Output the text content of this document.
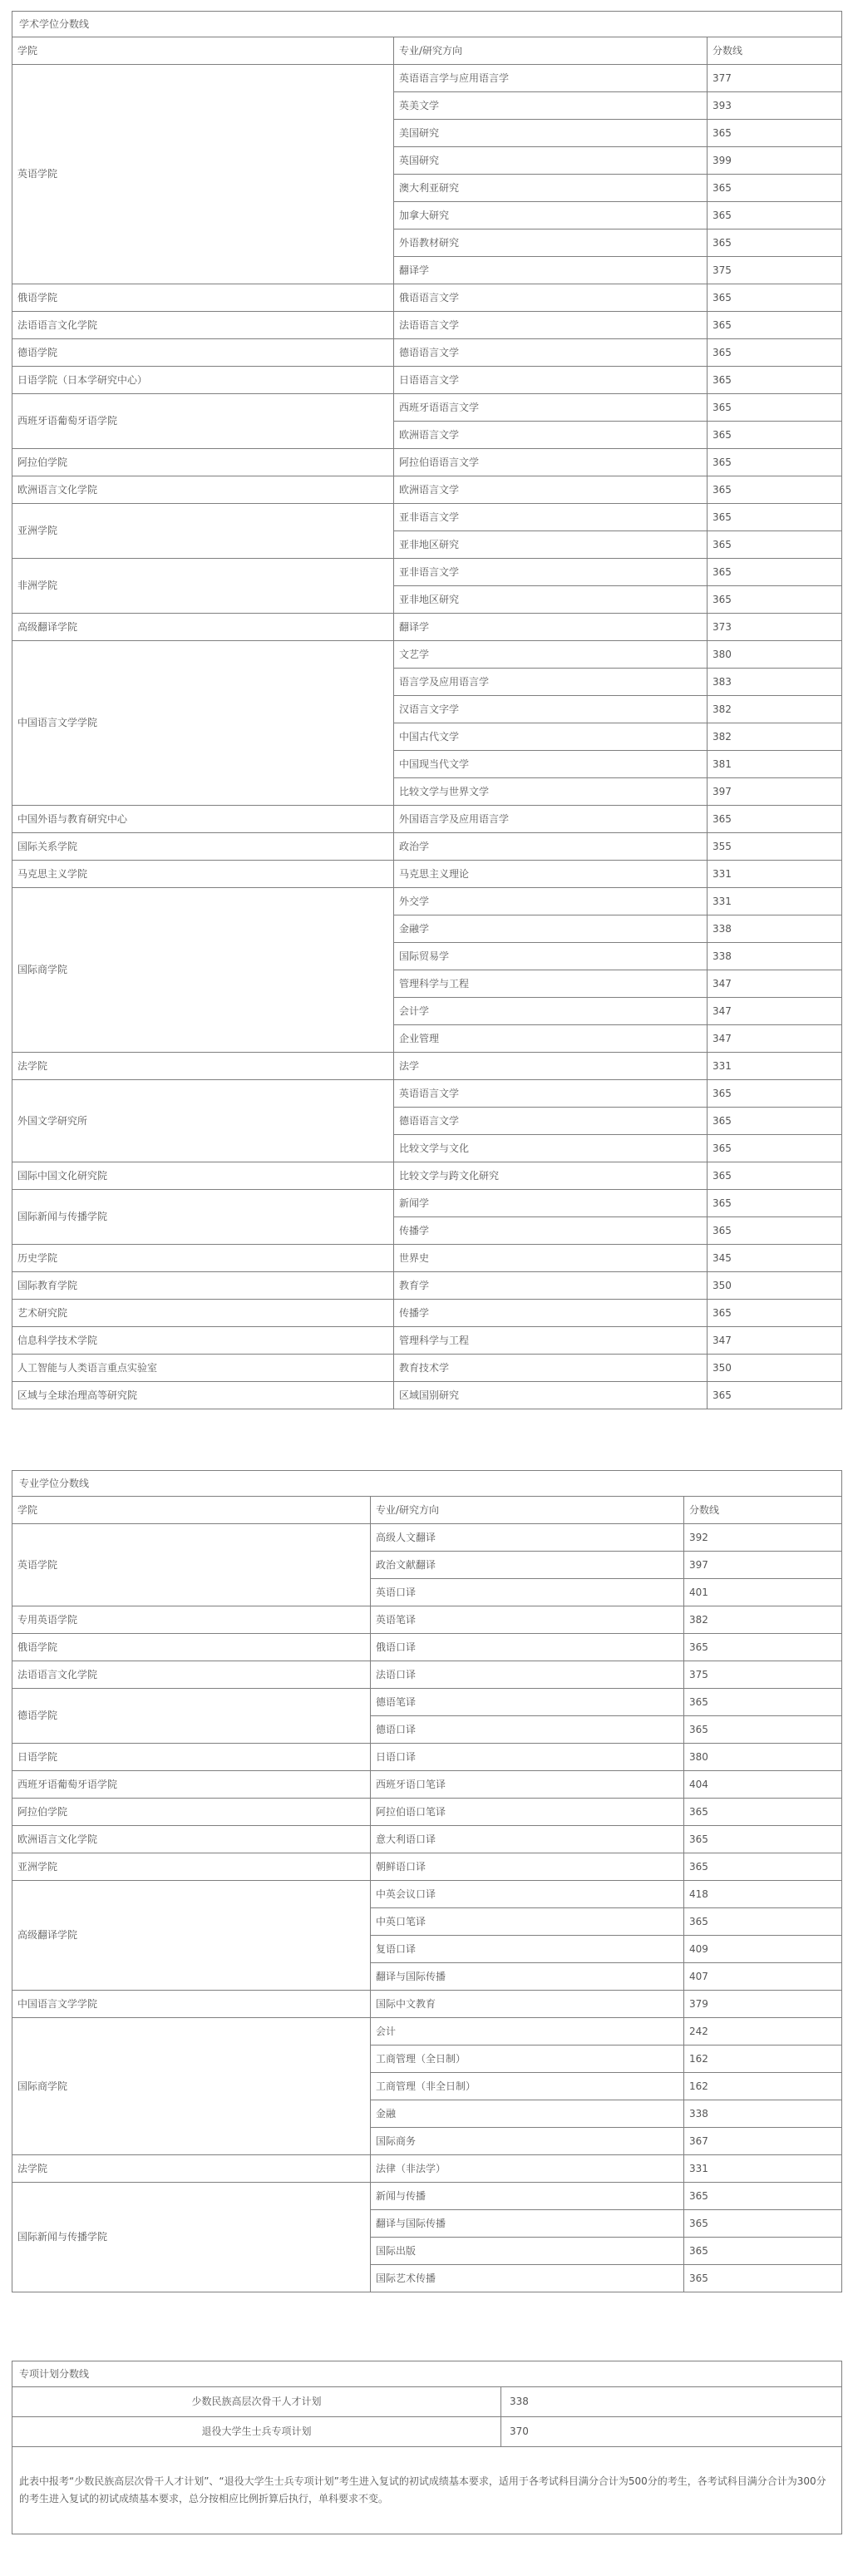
学术学位分数线		
学院	专业/研究方向	分数线
英语学院	英语语言学与应用语言学	377
	英美文学	393
	美国研究	365
	英国研究	399
	澳大利亚研究	365
	加拿大研究	365
	外语教材研究	365
	翻译学	375
俄语学院	俄语语言文学	365
法语语言文化学院	法语语言文学	365
德语学院	德语语言文学	365
日语学院（日本学研究中心）	日语语言文学	365
西班牙语葡萄牙语学院	西班牙语语言文学	365
	欧洲语言文学	365
阿拉伯学院	阿拉伯语语言文学	365
欧洲语言文化学院	欧洲语言文学	365
亚洲学院	亚非语言文学	365
	亚非地区研究	365
非洲学院	亚非语言文学	365
	亚非地区研究	365
高级翻译学院	翻译学	373
中国语言文学学院	文艺学	380
	语言学及应用语言学	383
	汉语言文字学	382
	中国古代文学	382
	中国现当代文学	381
	比较文学与世界文学	397
中国外语与教育研究中心	外国语言学及应用语言学	365
国际关系学院	政治学	355
马克思主义学院	马克思主义理论	331
国际商学院	外交学	331
	金融学	338
	国际贸易学	338
	管理科学与工程	347
	会计学	347
	企业管理	347
法学院	法学	331
外国文学研究所	英语语言文学	365
	德语语言文学	365
	比较文学与文化	365
国际中国文化研究院	比较文学与跨文化研究	365
国际新闻与传播学院	新闻学	365
	传播学	365
历史学院	世界史	345
国际教育学院	教育学	350
艺术研究院	传播学	365
信息科学技术学院	管理科学与工程	347
人工智能与人类语言重点实验室	教育技术学	350
区域与全球治理高等研究院	区域国别研究	365
专业学位分数线		
学院	专业/研究方向	分数线
英语学院	高级人文翻译	392
	政治文献翻译	397
	英语口译	401
专用英语学院	英语笔译	382
俄语学院	俄语口译	365
法语语言文化学院	法语口译	375
德语学院	德语笔译	365
	德语口译	365
日语学院	日语口译	380
西班牙语葡萄牙语学院	西班牙语口笔译	404
阿拉伯学院	阿拉伯语口笔译	365
欧洲语言文化学院	意大利语口译	365
亚洲学院	朝鲜语口译	365
高级翻译学院	中英会议口译	418
	中英口笔译	365
	复语口译	409
	翻译与国际传播	407
中国语言文学学院	国际中文教育	379
国际商学院	会计	242
	工商管理（全日制）	162
	工商管理（非全日制）	162
	金融	338
	国际商务	367
法学院	法律（非法学）	331
国际新闻与传播学院	新闻与传播	365
	翻译与国际传播	365
	国际出版	365
	国际艺术传播	365
专项计划分数线	
少数民族高层次骨干人才计划	338
退役大学生士兵专项计划	370
此表中报考“少数民族高层次骨干人才计划”、“退役大学生士兵专项计划”考生进入复试的初试成绩基本要求，适用于各考试科目满分合计为500分的考生，各考试科目满分合计为300分的考生进入复试的初试成绩基本要求，总分按相应比例折算后执行，单科要求不变。	
